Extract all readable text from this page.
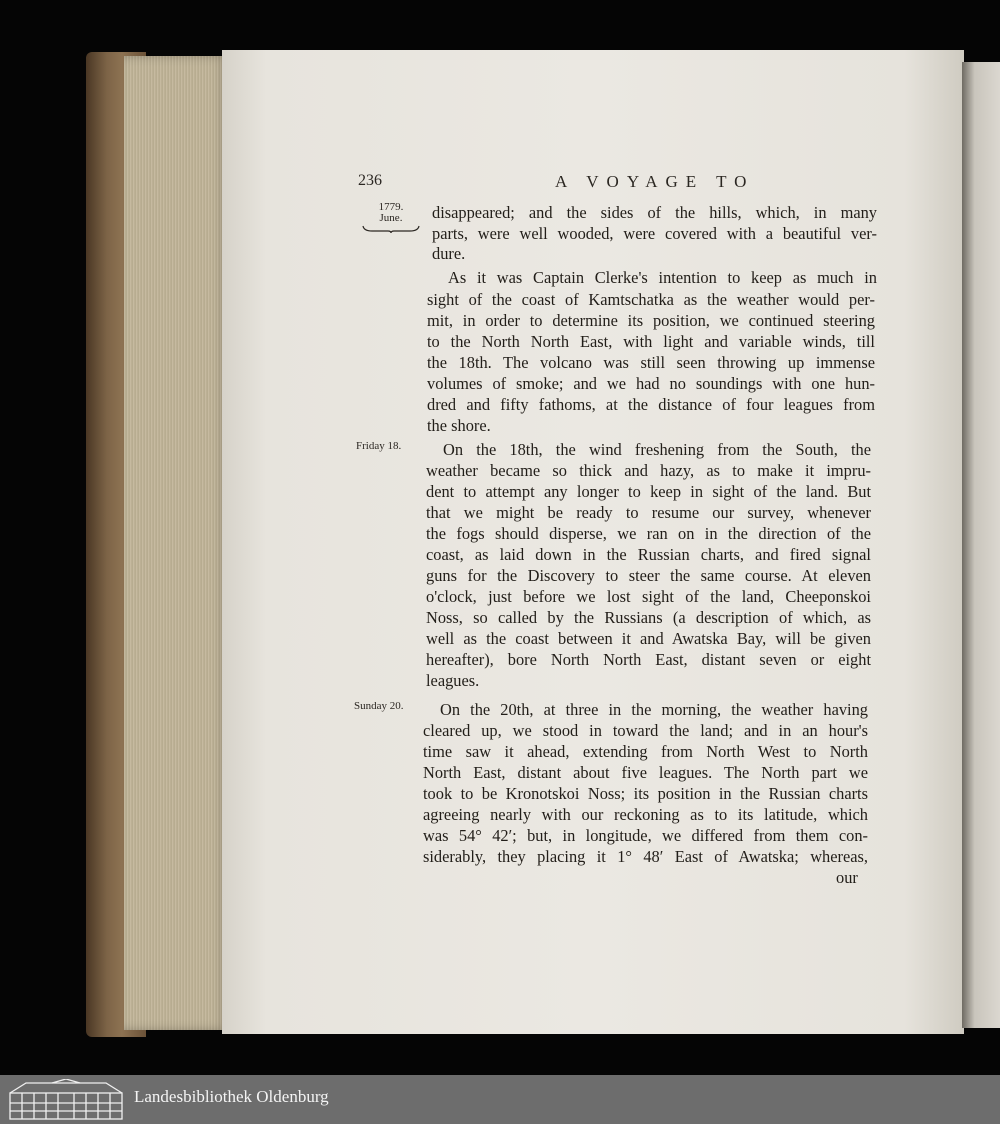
236	A VOYAGE TO
1779.
June.
Friday 18.
Sunday 20.
disappeared; and the sides of the hills, which, in many
parts, were well wooded, were covered with a beautiful ver-
dure.
As it was Captain Clerke's intention to keep as much in
sight of the coast of Kamtschatka as the weather would per-
mit, in order to determine its position, we continued steering
to the North North East, with light and variable winds, till
the 18th. The volcano was still seen throwing up immense
volumes of smoke; and we had no soundings with one hun-
dred and fifty fathoms, at the distance of four leagues from
the shore.
On the 18th, the wind freshening from the South, the
weather became so thick and hazy, as to make it impru-
dent to attempt any longer to keep in sight of the land. But
that we might be ready to resume our survey, whenever
the fogs should disperse, we ran on in the direction of the
coast, as laid down in the Russian charts, and fired signal
guns for the Discovery to steer the same course. At eleven
o'clock, just before we lost sight of the land, Cheeponskoi
Noss, so called by the Russians (a description of which, as
well as the coast between it and Awatska Bay, will be given
hereafter), bore North North East, distant seven or eight
leagues.
On the 20th, at three in the morning, the weather having
cleared up, we stood in toward the land; and in an hour's
time saw it ahead, extending from North West to North
North East, distant about five leagues. The North part we
took to be Kronotskoi Noss; its position in the Russian charts
agreeing nearly with our reckoning as to its latitude, which
was 54° 42′; but, in longitude, we differed from them con-
siderably, they placing it 1° 48′ East of Awatska; whereas,
our
Landesbibliothek Oldenburg
